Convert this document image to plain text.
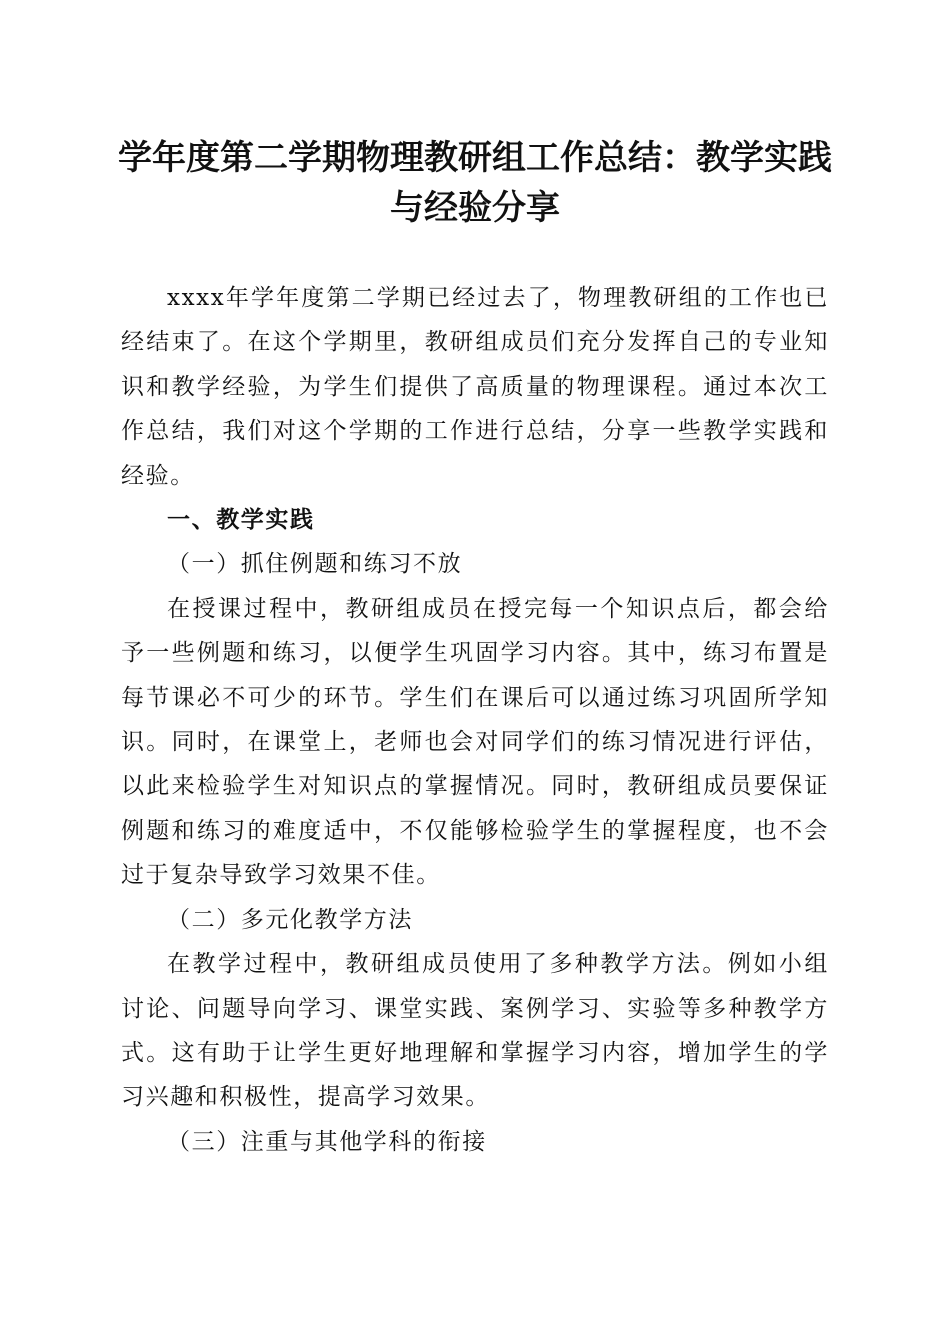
学年度第二学期物理教研组工作总结：教学实践与经验分享

xxxx年学年度第二学期已经过去了，物理教研组的工作也已经结束了。在这个学期里，教研组成员们充分发挥自己的专业知识和教学经验，为学生们提供了高质量的物理课程。通过本次工作总结，我们对这个学期的工作进行总结，分享一些教学实践和经验。

一、教学实践

（一）抓住例题和练习不放

在授课过程中，教研组成员在授完每一个知识点后，都会给予一些例题和练习，以便学生巩固学习内容。其中，练习布置是每节课必不可少的环节。学生们在课后可以通过练习巩固所学知识。同时，在课堂上，老师也会对同学们的练习情况进行评估，以此来检验学生对知识点的掌握情况。同时，教研组成员要保证例题和练习的难度适中，不仅能够检验学生的掌握程度，也不会过于复杂导致学习效果不佳。

（二）多元化教学方法

在教学过程中，教研组成员使用了多种教学方法。例如小组讨论、问题导向学习、课堂实践、案例学习、实验等多种教学方式。这有助于让学生更好地理解和掌握学习内容，增加学生的学习兴趣和积极性，提高学习效果。

（三）注重与其他学科的衔接
